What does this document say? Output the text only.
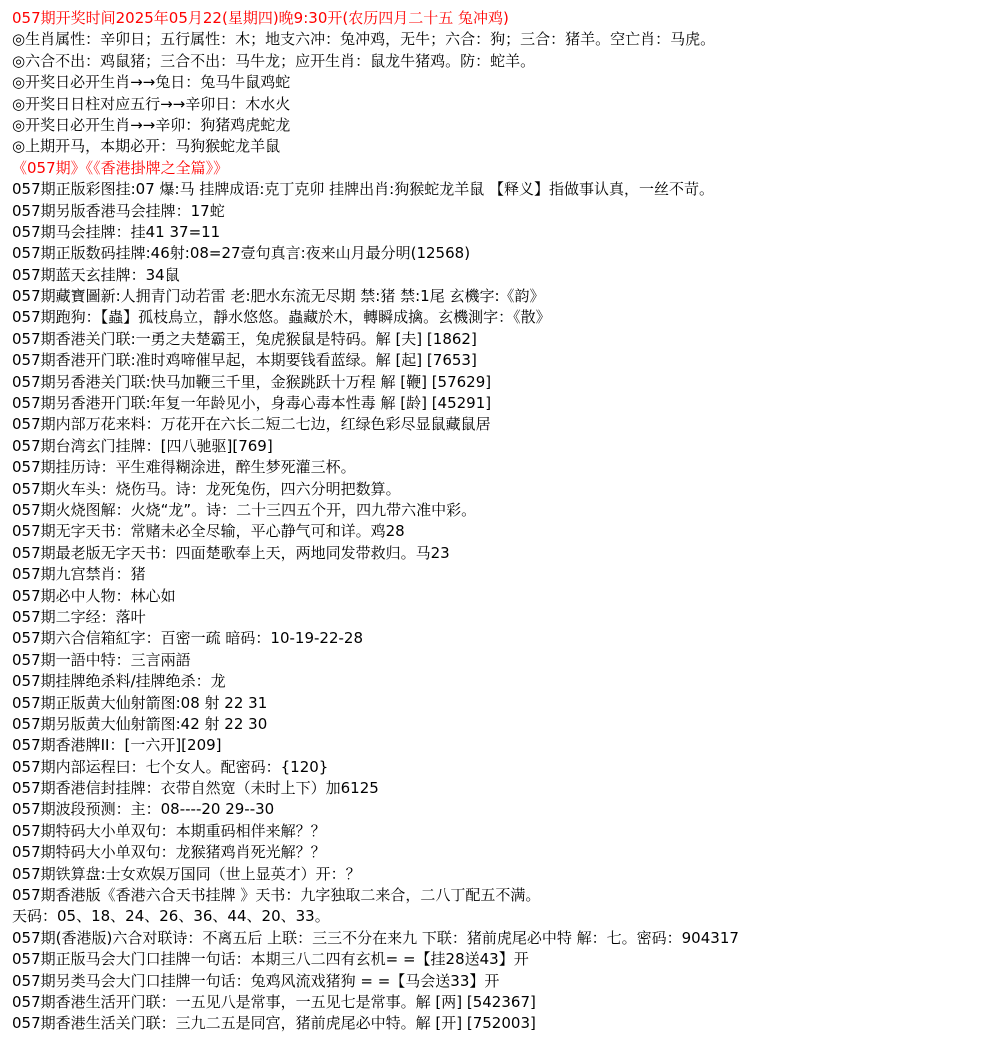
057期开奖时间2025年05月22(星期四)晚9:30开(农历四月二十五 兔冲鸡)
◎生肖属性：辛卯日；五行属性：木；地支六冲：兔冲鸡，无牛；六合：狗；三合：猪羊。空亡肖：马虎。
◎六合不出：鸡鼠猪；三合不出：马牛龙；应开生肖：鼠龙牛猪鸡。防：蛇羊。
◎开奖日必开生肖→→兔日：兔马牛鼠鸡蛇
◎开奖日日柱对应五行→→辛卯日：木水火
◎开奖日必开生肖→→辛卯：狗猪鸡虎蛇龙
◎上期开马，本期必开：马狗猴蛇龙羊鼠
《057期》《《香港掛牌之全篇》》
057期正版彩图挂:07 爆:马 挂牌成语:克丁克卯 挂牌出肖:狗猴蛇龙羊鼠 【释义】指做事认真，一丝不苛。
057期另版香港马会挂牌：17蛇
057期马会挂牌：挂41 37=11
057期正版数码挂牌:46射:08=27壹句真言:夜来山月最分明(12568)
057期蓝天玄挂牌：34鼠
057期藏寶圖新:人拥青门动若雷 老:肥水东流无尽期 禁:猪 禁:1尾 玄機字:《韵》
057期跑狗：【蟲】孤枝鳥立，靜水悠悠。蟲藏於木，轉瞬成擒。玄機測字：《散》
057期香港关门联:一勇之夫楚霸王，兔虎猴鼠是特码。解 [夫] [1862]
057期香港开门联:准时鸡啼催早起，本期要钱看蓝绿。解 [起] [7653]
057期另香港关门联:快马加鞭三千里，金猴跳跃十万程 解 [鞭] [57629]
057期另香港开门联:年复一年龄见小，身毒心毒本性毒 解 [龄] [45291]
057期内部万花来料：万花开在六长二短二七边，红绿色彩尽显鼠藏鼠居
057期台湾玄门挂牌：[四八驰驱][769]
057期挂历诗：平生难得糊涂进，醉生梦死灌三杯。
057期火车头：烧伤马。诗：龙死兔伤，四六分明把数算。
057期火烧图解：火烧“龙”。诗：二十三四五个开，四九带六准中彩。
057期无字天书：常赌未必全尽输，平心静气可和详。鸡28
057期最老版无字天书：四面楚歌奉上天，两地同发带救归。马23
057期九宫禁肖：猪
057期必中人物：林心如
057期二字经：落叶
057期六合信箱紅字：百密一疏 暗码：10-19-22-28
057期一語中特：三言兩語
057期挂牌绝杀料/挂牌绝杀：龙
057期正版黄大仙射箭图:08 射 22 31
057期另版黄大仙射箭图:42 射 22 30
057期香港牌II：[一六开][209]
057期内部运程曰：七个女人。配密码：{120}
057期香港信封挂牌：衣带自然宽（未时上下）加6125
057期波段预测：主：08----20 29--30
057期特码大小单双句：本期重码相伴来解？？
057期特码大小单双句：龙猴猪鸡肖死光解？？
057期铁算盘:士女欢娱万国同（世上显英才）开：？
057期香港版《香港六合天书挂牌 》天书：九字独取二来合，二八丁配五不满。
天码：05、18、24、26、36、44、20、33。
057期(香港版)六合对联诗：不离五后 上联：三三不分在来九 下联：猪前虎尾必中特 解：七。密码：904317
057期正版马会大门口挂牌一句话：本期三八二四有玄机= =【挂28送43】开
057期另类马会大门口挂牌一句话：兔鸡风流戏猪狗 = =【马会送33】开
057期香港生活开门联：一五见八是常事，一五见七是常事。解 [两] [542367]
057期香港生活关门联：三九二五是同宫，猪前虎尾必中特。解 [开] [752003]
